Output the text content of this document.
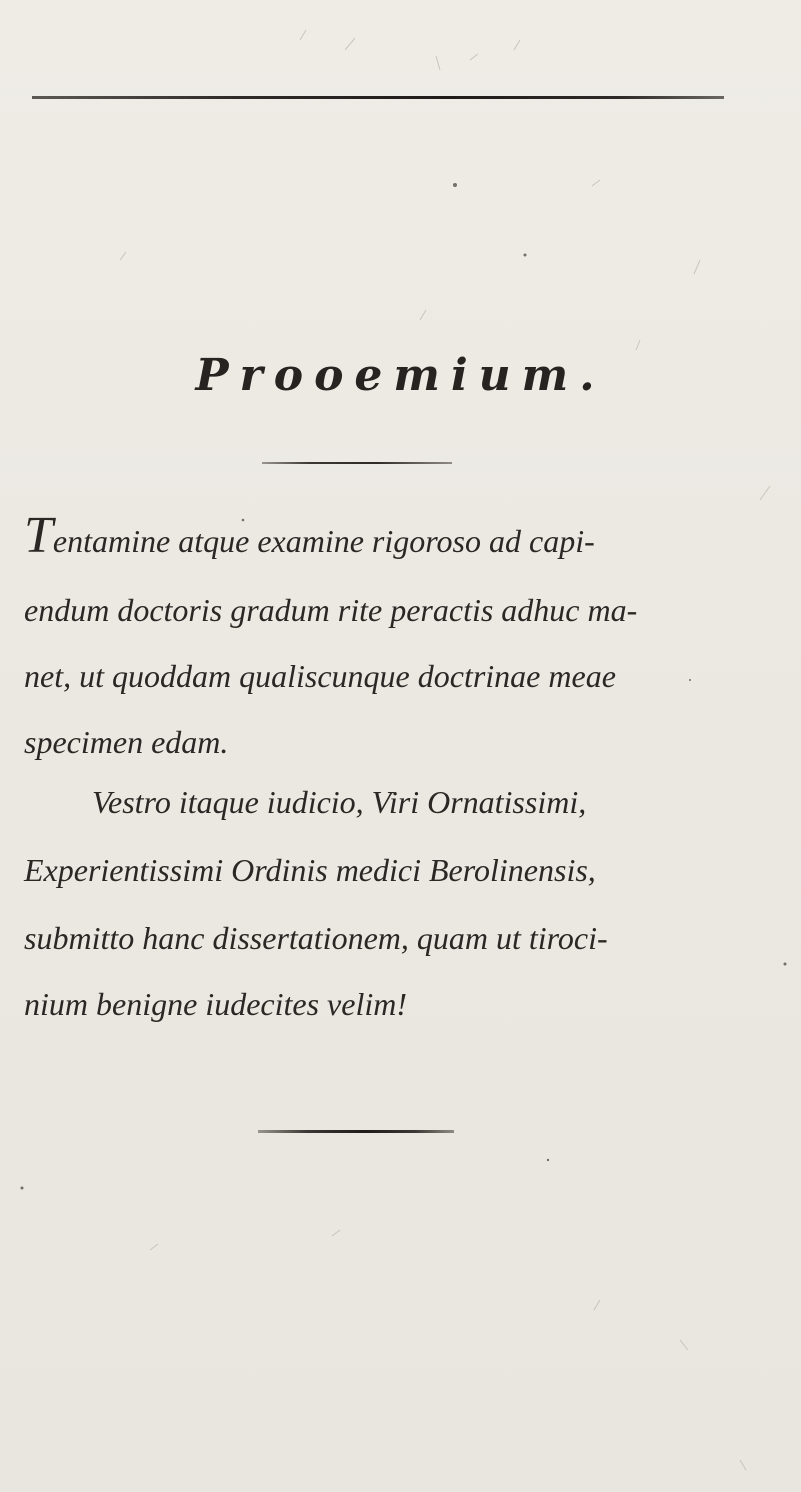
Prooemium.
Tentamine atque examine rigoroso ad capi-
endum doctoris gradum rite peractis adhuc ma-
net, ut quoddam qualiscunque doctrinae meae
specimen edam.
Vestro itaque iudicio, Viri Ornatissimi,
Experientissimi Ordinis medici Berolinensis,
submitto hanc dissertationem, quam ut tiroci-
nium benigne iudecites velim!
